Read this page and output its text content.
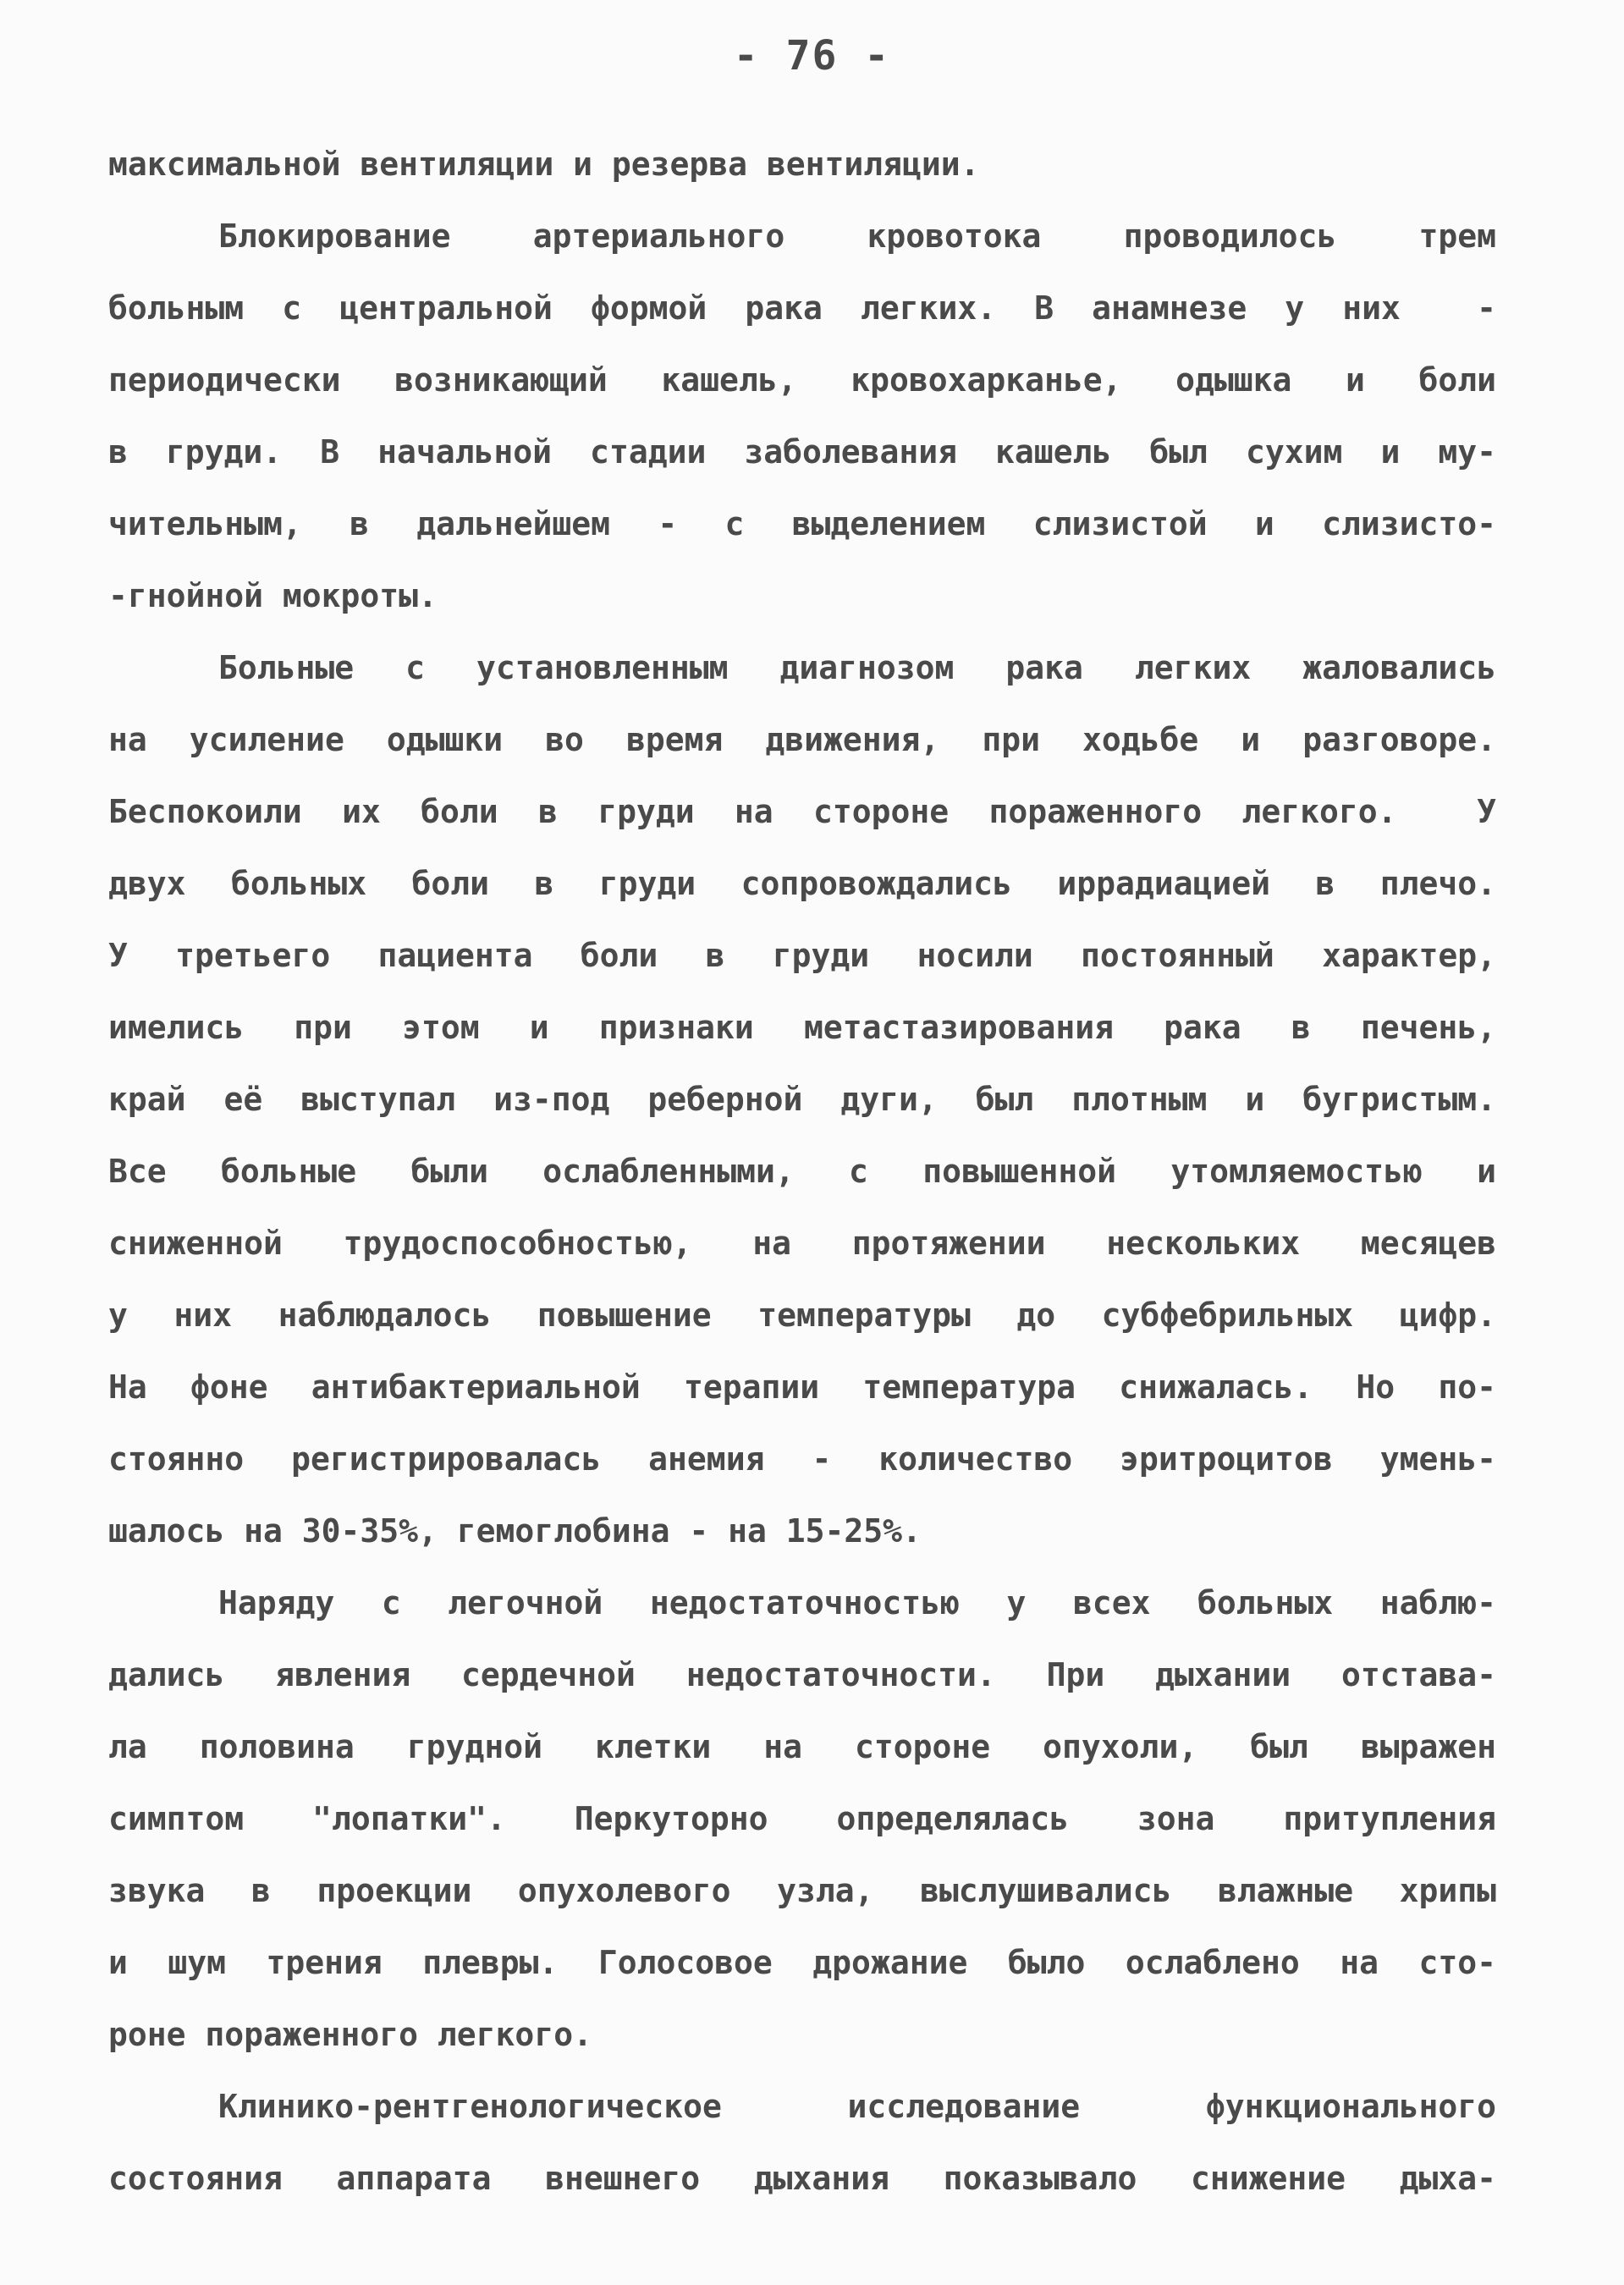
- 76 -
максимальной вентиляции и резерва вентиляции.
Блокирование артериального кровотока проводилось трем
больным с центральной формой рака легких. В анамнезе у них  -
периодически возникающий кашель, кровохарканье, одышка и боли
в груди. В начальной стадии заболевания кашель был сухим и му-
чительным, в дальнейшем - с выделением слизистой и слизисто-
-гнойной мокроты.
Больные с установленным диагнозом рака легких жаловались
на усиление одышки во время движения, при ходьбе и разговоре.
Беспокоили их боли в груди на стороне пораженного легкого.  У
двух больных боли в груди сопровождались иррадиацией в плечо.
У третьего пациента боли в груди носили постоянный характер,
имелись при этом и признаки метастазирования рака в печень,
край её выступал из-под реберной дуги, был плотным и бугристым.
Все больные были ослабленными, с повышенной утомляемостью и
сниженной трудоспособностью, на протяжении нескольких месяцев
у них наблюдалось повышение температуры до субфебрильных цифр.
На фоне антибактериальной терапии температура снижалась. Но по-
стоянно регистрировалась анемия - количество эритроцитов умень-
шалось на 30-35%, гемоглобина - на 15-25%.
Наряду с легочной недостаточностью у всех больных наблю-
дались явления сердечной недостаточности. При дыхании отстава-
ла половина грудной клетки на стороне опухоли, был выражен
симптом "лопатки". Перкуторно определялась зона притупления
звука в проекции опухолевого узла, выслушивались влажные хрипы
и шум трения плевры. Голосовое дрожание было ослаблено на сто-
роне пораженного легкого.
Клинико-рентгенологическое исследование функционального
состояния аппарата внешнего дыхания показывало снижение дыха-
